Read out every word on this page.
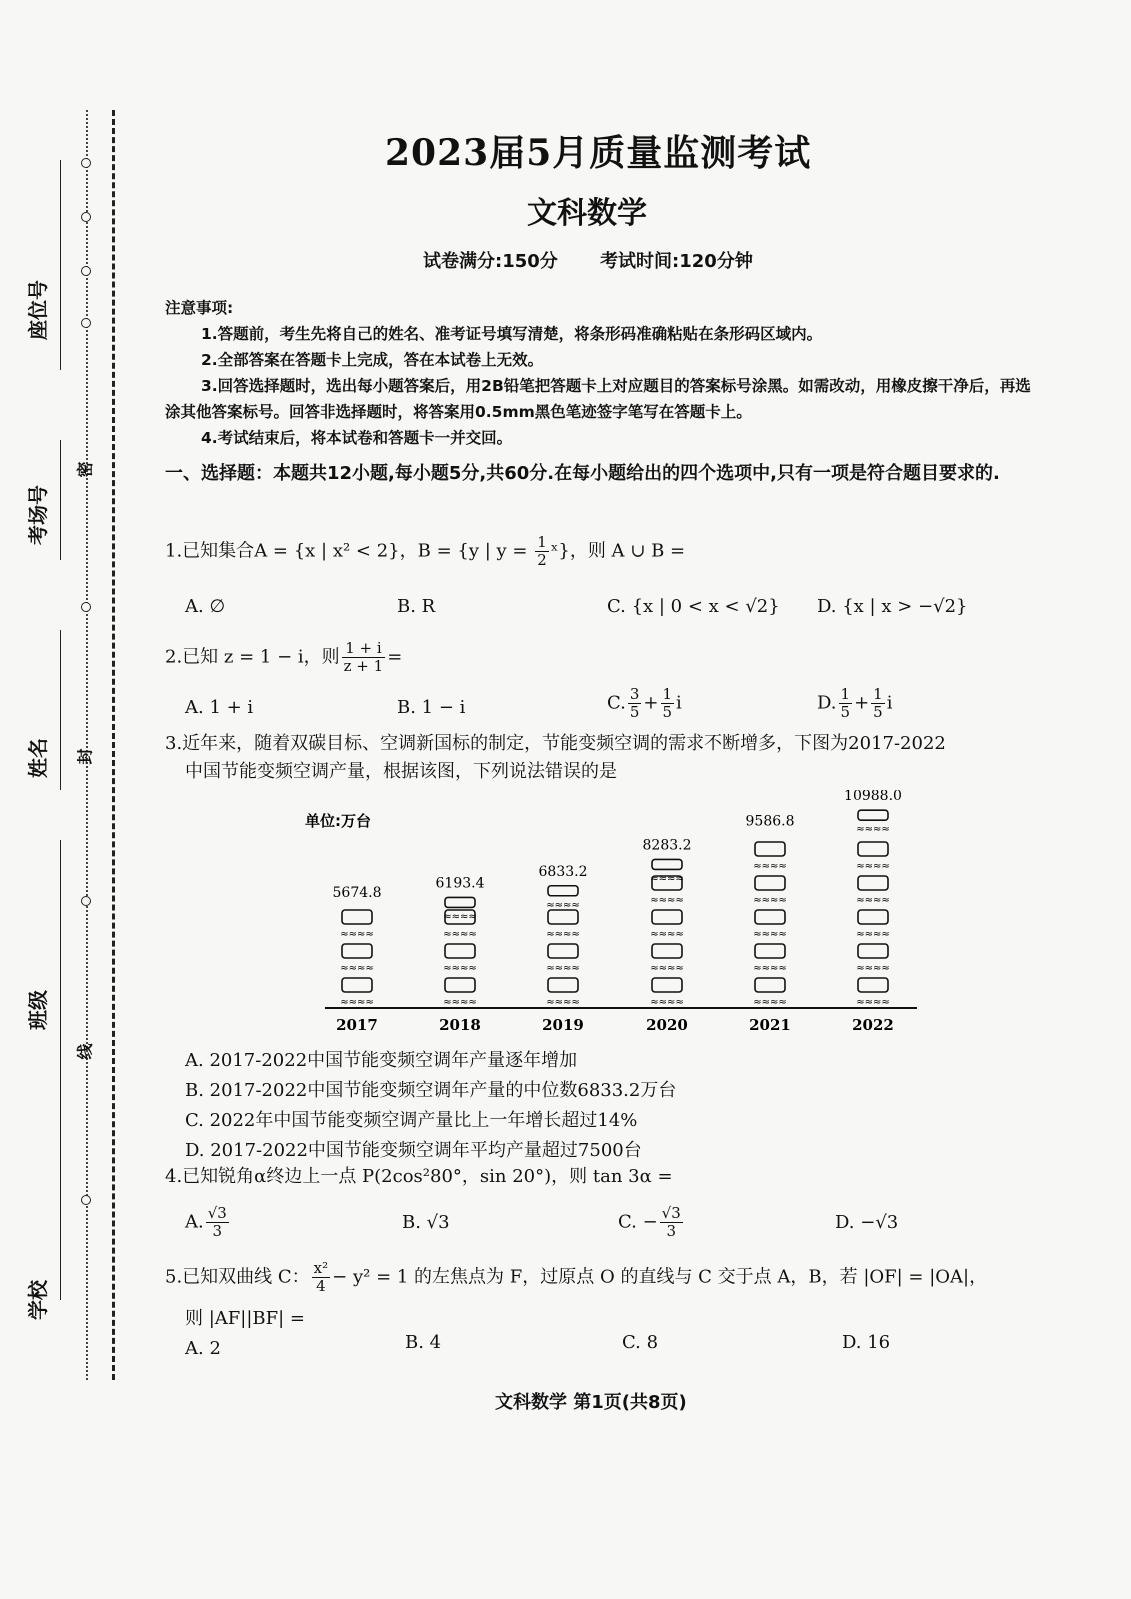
座位号
考场号
姓名
班级
学校
密
封
线
2023届5月质量监测考试
文科数学
试卷满分:150分 考试时间:120分钟
注意事项:
1.答题前，考生先将自己的姓名、准考证号填写清楚，将条形码准确粘贴在条形码区域内。
2.全部答案在答题卡上完成，答在本试卷上无效。
3.回答选择题时，选出每小题答案后，用2B铅笔把答题卡上对应题目的答案标号涂黑。如需改动，用橡皮擦干净后，再选涂其他答案标号。回答非选择题时，将答案用0.5mm黑色笔迹签字笔写在答题卡上。
4.考试结束后，将本试卷和答题卡一并交回。
一、选择题：本题共12小题,每小题5分,共60分.在每小题给出的四个选项中,只有一项是符合题目要求的.
1.已知集合A = {x | x² < 2}，B = {y | $y = \frac{1}{2}$ ˣ}，则 A ∪ B =
A. ∅	B. R	C. {x | 0 < x < √2} D. {x | x > −√2}
2.已知 z = 1 − i，则 $\frac{1 + i}{z + 1}$ =
A. 1 + i	B. 1 − i	C. $\frac{3}{5} + \frac{1}{5}$ i	D. $\frac{1}{5} + \frac{1}{5}$ i
3.近年来，随着双碳目标、空调新国标的制定，节能变频空调的需求不断增多，下图为2017-2022
中国节能变频空调产量，根据该图，下列说法错误的是
单位:万台
≈≈≈≈
≈≈≈≈
≈≈≈≈
5674.8
2017
≈≈≈≈
≈≈≈≈
≈≈≈≈
≈≈≈≈
6193.4
2018
≈≈≈≈
≈≈≈≈
≈≈≈≈
≈≈≈≈
6833.2
2019
≈≈≈≈
≈≈≈≈
≈≈≈≈
≈≈≈≈
≈≈≈≈
8283.2
2020
≈≈≈≈
≈≈≈≈
≈≈≈≈
≈≈≈≈
≈≈≈≈
9586.8
2021
≈≈≈≈
≈≈≈≈
≈≈≈≈
≈≈≈≈
≈≈≈≈
≈≈≈≈
10988.0
2022
A. 2017-2022中国节能变频空调年产量逐年增加
B. 2017-2022中国节能变频空调年产量的中位数6833.2万台
C. 2022年中国节能变频空调产量比上一年增长超过14%
D. 2017-2022中国节能变频空调年平均产量超过7500台
4.已知锐角α终边上一点 P(2cos²80°，sin 20°)，则 tan 3α =
A. $\frac{√3}{3}$	B. √3	C. − $\frac{√3}{3}$	D. −√3
5.已知双曲线 C： $\frac{\text{x²}}{4} - y^2 = 1$ 的左焦点为 F，过原点 O 的直线与 C 交于点 A，B，若 |OF| = |OA|，
则 |AF||BF| =
A. 2	B. 4	C. 8	D. 16
文科数学 第1页(共8页)
